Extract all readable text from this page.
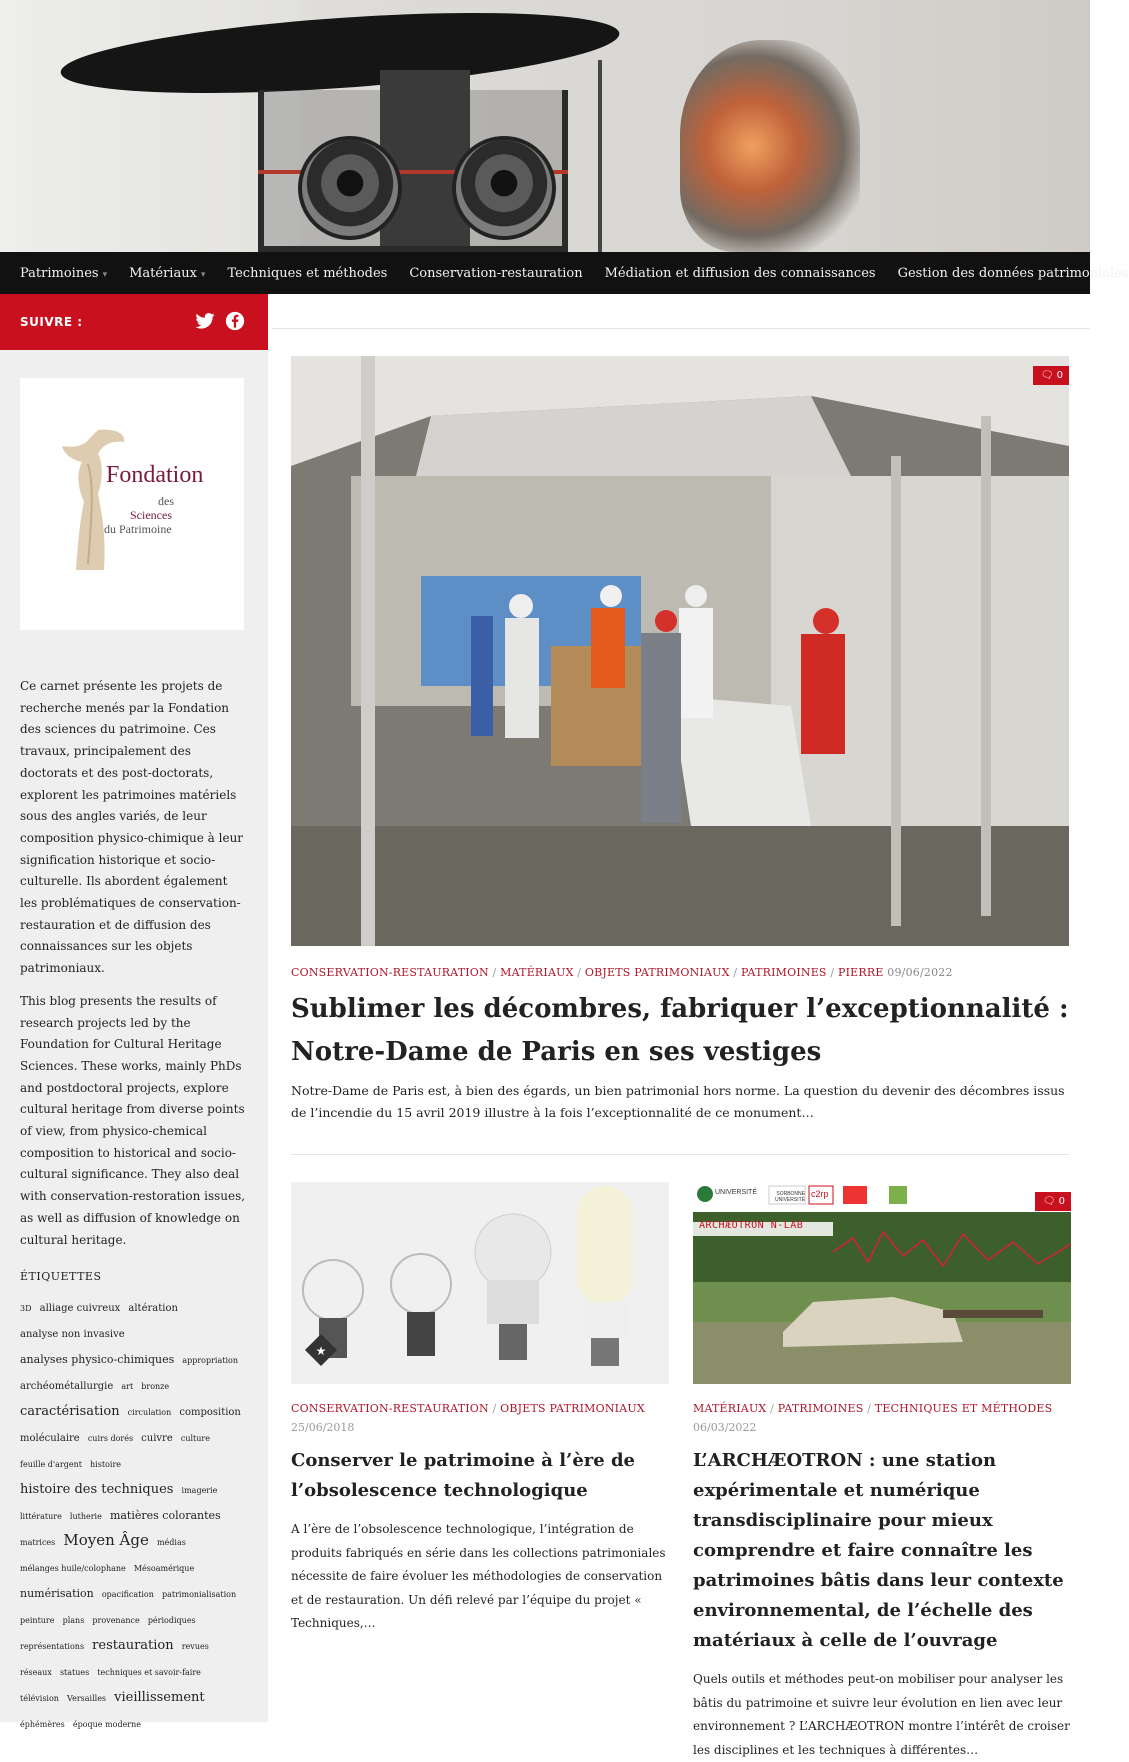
Patrimoines ▾ Matériaux ▾ Techniques et méthodes Conservation-restauration Médiation et diffusion des connaissances Gestion des données patrimoniales
SUIVRE :
Fondation
des
Sciences
du Patrimoine

Ce carnet présente les projets de recherche menés par la Fondation des sciences du patrimoine. Ces travaux, principalement des doctorats et des post-doctorats, explorent les patrimoines matériels sous des angles variés, de leur composition physico-chimique à leur signification historique et socio-culturelle. Ils abordent également les problématiques de conservation-restauration et de diffusion des connaissances sur les objets patrimoniaux.

This blog presents the results of research projects led by the Foundation for Cultural Heritage Sciences. These works, mainly PhDs and postdoctoral projects, explore cultural heritage from diverse points of view, from physico-chemical composition to historical and socio-cultural significance. They also deal with conservation-restoration issues, as well as diffusion of knowledge on cultural heritage.

ÉTIQUETTES
3D alliage cuivreux altération analyse non invasive analyses physico-chimiques appropriation archéométallurgie art bronze caractérisation circulation composition moléculaire cuirs dorés cuivre culture feuille d'argent histoire histoire des techniques imagerie littérature lutherie matières colorantes matrices Moyen Âge médias mélanges huile/colophane Mésoamérique numérisation opacification patrimonialisation peinture plans provenance périodiques représentations restauration revues réseaux statues techniques et savoir-faire télévision Versailles vieillissement éphémères époque moderne
🗨 0
CONSERVATION-RESTAURATION / MATÉRIAUX / OBJETS PATRIMONIAUX / PATRIMOINES / PIERRE 09/06/2022
Sublimer les décombres, fabriquer l’exceptionnalité : Notre-Dame de Paris en ses vestiges

Notre-Dame de Paris est, à bien des égards, un bien patrimonial hors norme. La question du devenir des décombres issus de l’incendie du 15 avril 2019 illustre à la fois l’exceptionnalité de ce monument…

★
CONSERVATION-RESTAURATION / OBJETS PATRIMONIAUX
25/06/2018
Conserver le patrimoine à l’ère de l’obsolescence technologique

A l’ère de l’obsolescence technologique, l’intégration de produits fabriqués en série dans les collections patrimoniales nécessite de faire évoluer les méthodologies de conservation et de restauration. Un défi relevé par l’équipe du projet « Techniques,…

ARCHÆOTRON N-LAB
UNIVERSITÉ	SORBONNE UNIVERSITÉ
c2rp
🗨 0
MATÉRIAUX / PATRIMOINES / TECHNIQUES ET MÉTHODES
06/03/2022
L’ARCHÆOTRON : une station expérimentale et numérique transdisciplinaire pour mieux comprendre et faire connaître les patrimoines bâtis dans leur contexte environnemental, de l’échelle des matériaux à celle de l’ouvrage

Quels outils et méthodes peut-on mobiliser pour analyser les bâtis du patrimoine et suivre leur évolution en lien avec leur environnement ? L’ARCHÆOTRON montre l’intérêt de croiser les disciplines et les techniques à différentes…
